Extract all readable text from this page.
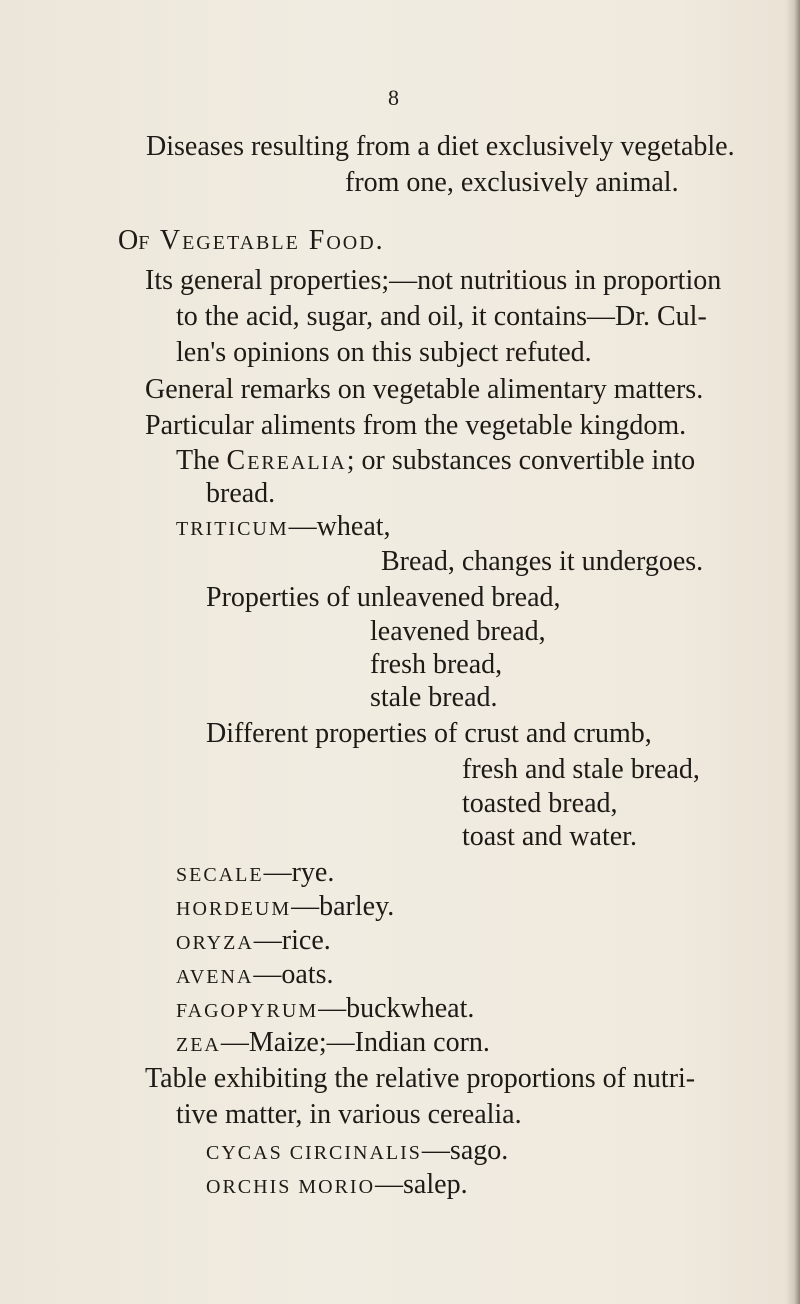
8
Diseases resulting from a diet exclusively vegetable.
from one, exclusively animal.
Of Vegetable Food.
Its general properties;—not nutritious in proportion
to the acid, sugar, and oil, it contains—Dr. Cul-
len's opinions on this subject refuted.
General remarks on vegetable alimentary matters.
Particular aliments from the vegetable kingdom.
The Cerealia; or substances convertible into
bread.
TRITICUM—wheat,
Bread, changes it undergoes.
Properties of unleavened bread,
leavened bread,
fresh bread,
stale bread.
Different properties of crust and crumb,
fresh and stale bread,
toasted bread,
toast and water.
SECALE—rye.
HORDEUM—barley.
ORYZA—rice.
AVENA—oats.
FAGOPYRUM—buckwheat.
ZEA—Maize;—Indian corn.
Table exhibiting the relative proportions of nutri-
tive matter, in various cerealia.
CYCAS CIRCINALIS—sago.
ORCHIS MORIO—salep.
